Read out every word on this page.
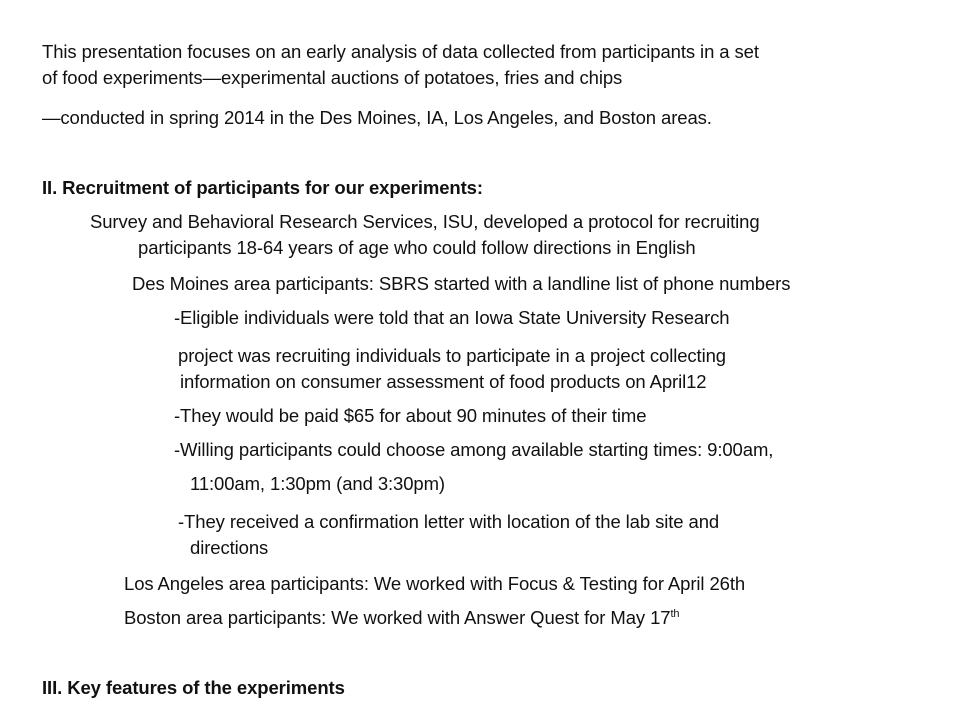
This presentation focuses on an early analysis of data collected from participants in a set
of food experiments—experimental auctions of potatoes, fries and chips
—conducted in spring 2014 in the Des Moines, IA, Los Angeles, and Boston areas.
II. Recruitment of participants for our experiments:
Survey and Behavioral Research Services, ISU, developed a protocol for recruiting
participants 18-64 years of age who could follow directions in English
Des Moines area participants: SBRS started with a landline list of phone numbers
-Eligible individuals were told that an Iowa State University Research
project was recruiting individuals to participate in a project collecting
information on consumer assessment of food products on April12
-They would be paid $65 for about 90 minutes of their time
-Willing participants could choose among available starting times: 9:00am,
11:00am, 1:30pm (and 3:30pm)
-They received a confirmation letter with location of the lab site and
directions
Los Angeles area participants: We worked with Focus & Testing for April 26th
Boston area participants: We worked with Answer Quest for May 17th
III. Key features of the experiments
